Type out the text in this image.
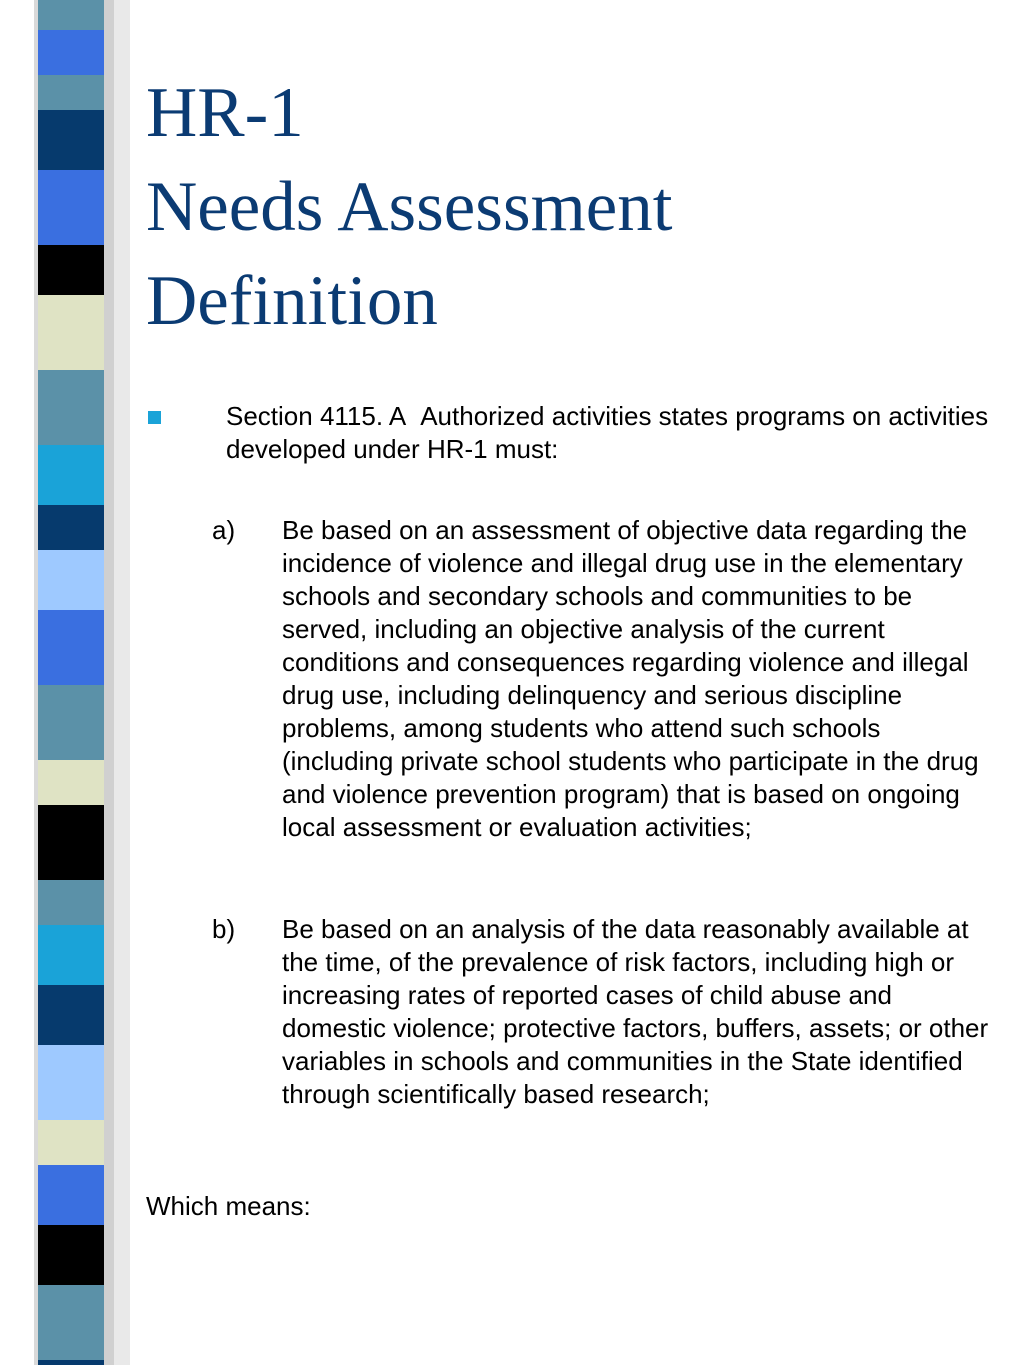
HR-1
Needs Assessment
Definition
Section 4115. A Authorized activities states programs on activities developed under HR-1 must:
a) Be based on an assessment of objective data regarding the incidence of violence and illegal drug use in the elementary schools and secondary schools and communities to be served, including an objective analysis of the current conditions and consequences regarding violence and illegal drug use, including delinquency and serious discipline problems, among students who attend such schools (including private school students who participate in the drug and violence prevention program) that is based on ongoing local assessment or evaluation activities;
b) Be based on an analysis of the data reasonably available at the time, of the prevalence of risk factors, including high or increasing rates of reported cases of child abuse and domestic violence; protective factors, buffers, assets; or other variables in schools and communities in the State identified through scientifically based research;
Which means:
